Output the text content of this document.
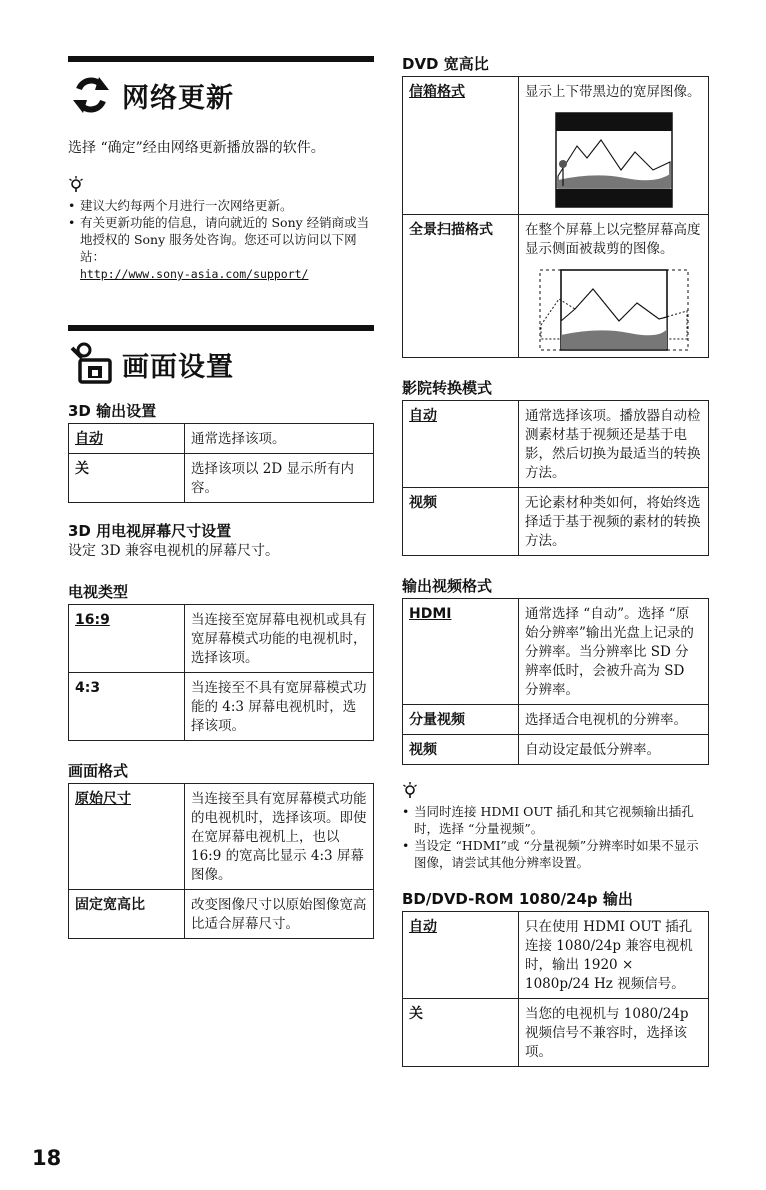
网络更新

选择 “确定”经由网络更新播放器的软件。

• 建议大约每两个月进行一次网络更新。
• 有关更新功能的信息，请向就近的 Sony 经销商或当地授权的 Sony 服务处咨询。您还可以访问以下网站：
http://www.sony-asia.com/support/
画面设置
3D 输出设置
自动	通常选择该项。
关	选择该项以 2D 显示所有内容。
3D 用电视屏幕尺寸设置

设定 3D 兼容电视机的屏幕尺寸。

电视类型
16:9	当连接至宽屏幕电视机或具有宽屏幕模式功能的电视机时，选择该项。
4:3	当连接至不具有宽屏幕模式功能的 4:3 屏幕电视机时，选择该项。
画面格式
原始尺寸	当连接至具有宽屏幕模式功能的电视机时，选择该项。即使在宽屏幕电视机上，也以 16:9 的宽高比显示 4:3 屏幕图像。
固定宽高比	改变图像尺寸以原始图像宽高比适合屏幕尺寸。
DVD 宽高比
信箱格式	显示上下带黑边的宽屏图像。

全景扫描格式	在整个屏幕上以完整屏幕高度显示侧面被裁剪的图像。
影院转换模式
自动	通常选择该项。播放器自动检测素材基于视频还是基于电影，然后切换为最适当的转换方法。
视频	无论素材种类如何，将始终选择适于基于视频的素材的转换方法。
输出视频格式
HDMI	通常选择 “自动”。选择 “原始分辨率”输出光盘上记录的分辨率。当分辨率比 SD 分辨率低时，会被升高为 SD 分辨率。
分量视频	选择适合电视机的分辨率。
视频	自动设定最低分辨率。
• 当同时连接 HDMI OUT 插孔和其它视频输出插孔时，选择 “分量视频”。
• 当设定 “HDMI”或 “分量视频”分辨率时如果不显示图像，请尝试其他分辨率设置。
BD/DVD-ROM 1080/24p 输出
自动	只在使用 HDMI OUT 插孔连接 1080/24p 兼容电视机时，输出 1920 × 1080p/24 Hz 视频信号。
关	当您的电视机与 1080/24p 视频信号不兼容时，选择该项。
18
